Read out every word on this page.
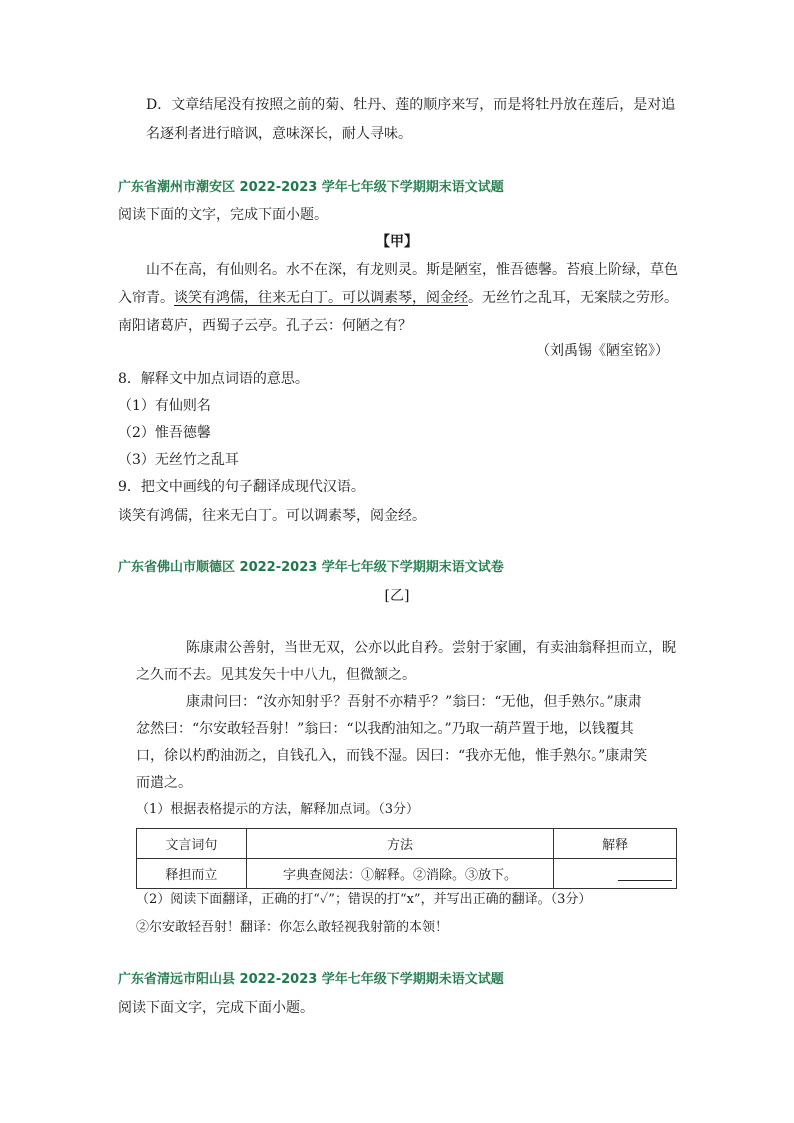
D．文章结尾没有按照之前的菊、牡丹、莲的顺序来写，而是将牡丹放在莲后，是对追
名逐利者进行暗讽，意味深长，耐人寻味。
广东省潮州市潮安区 2022-2023 学年七年级下学期期末语文试题
阅读下面的文字，完成下面小题。
【甲】
山不在高，有仙则名。水不在深，有龙则灵。斯是陋室，惟吾德馨。苔痕上阶绿，草色
入帘青。谈笑有鸿儒，往来无白丁。可以调素琴，阅金经。无丝竹之乱耳，无案牍之劳形。
南阳诸葛庐，西蜀子云亭。孔子云：何陋之有？
（刘禹锡《陋室铭》）
8．解释文中加点词语的意思。
（1）有仙则名
（2）惟吾德馨
（3）无丝竹之乱耳
9．把文中画线的句子翻译成现代汉语。
谈笑有鸿儒，往来无白丁。可以调素琴，阅金经。
广东省佛山市顺德区 2022-2023 学年七年级下学期期末语文试卷
[乙]
陈康肃公善射，当世无双，公亦以此自矜。尝射于家圃，有卖油翁释担而立，睨
之久而不去。见其发矢十中八九，但微颔之。
康肃问曰：“汝亦知射乎？吾射不亦精乎？”翁曰：“无他，但手熟尔。”康肃
忿然曰：“尔安敢轻吾射！”翁曰：“以我酌油知之。”乃取一葫芦置于地，以钱覆其
口，徐以杓酌油沥之，自钱孔入，而钱不湿。因曰：“我亦无他，惟手熟尔。”康肃笑
而遣之。
（1）根据表格提示的方法，解释加点词。（3分）
文言词句	方法	解释
释担而立	字典查阅法：①解释。②消除。③放下。	
（2）阅读下面翻译，正确的打“✓”；错误的打“x”，并写出正确的翻译。（3分）
②尔安敢轻吾射！翻译：你怎么敢轻视我射箭的本领！
广东省清远市阳山县 2022-2023 学年七年级下学期期未语文试题
阅读下面文字，完成下面小题。
